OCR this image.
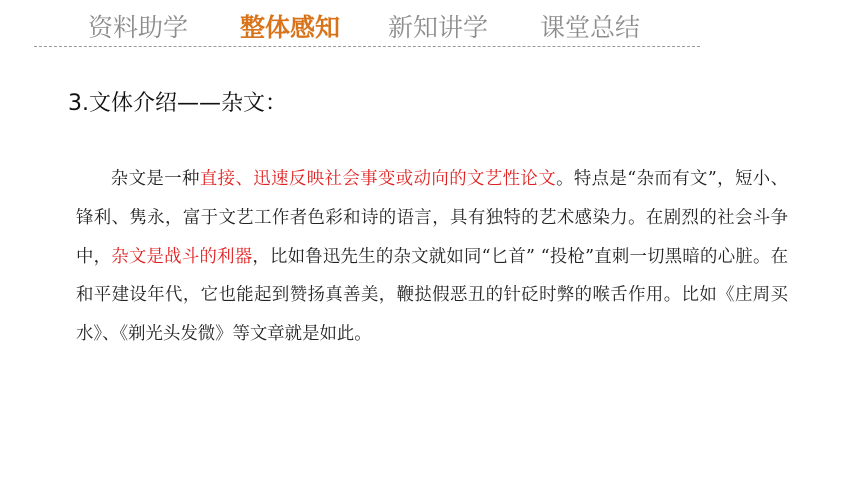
资料助学 整体感知 新知讲学 课堂总结
3.文体介绍——杂文：
杂文是一种直接、迅速反映社会事变或动向的文艺性论文。特点是“杂而有文”，短小、锋利、隽永，富于文艺工作者色彩和诗的语言，具有独特的艺术感染力。在剧烈的社会斗争中，杂文是战斗的利器，比如鲁迅先生的杂文就如同“匕首” “投枪”直刺一切黑暗的心脏。在和平建设年代，它也能起到赞扬真善美，鞭挞假恶丑的针砭时弊的喉舌作用。比如《庄周买水》、《剃光头发微》等文章就是如此。
